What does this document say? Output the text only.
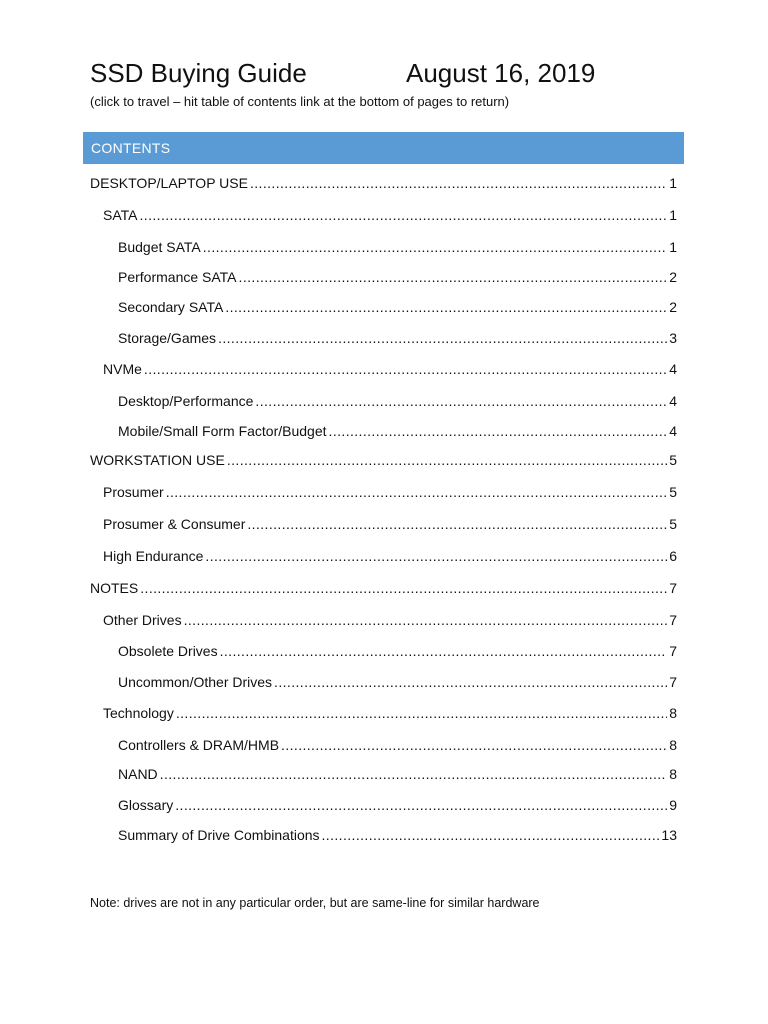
SSD Buying Guide	August 16, 2019
(click to travel – hit table of contents link at the bottom of pages to return)
CONTENTS
DESKTOP/LAPTOP USE .....	1
SATA .....	1
Budget SATA .....	1
Performance SATA .....	2
Secondary SATA .....	2
Storage/Games .....	3
NVMe .....	4
Desktop/Performance .....	4
Mobile/Small Form Factor/Budget .....	4
WORKSTATION USE .....	5
Prosumer .....	5
Prosumer & Consumer .....	5
High Endurance .....	6
NOTES .....	7
Other Drives .....	7
Obsolete Drives .....	7
Uncommon/Other Drives .....	7
Technology .....	8
Controllers & DRAM/HMB .....	8
NAND .....	8
Glossary .....	9
Summary of Drive Combinations .....	13
Note: drives are not in any particular order, but are same-line for similar hardware
